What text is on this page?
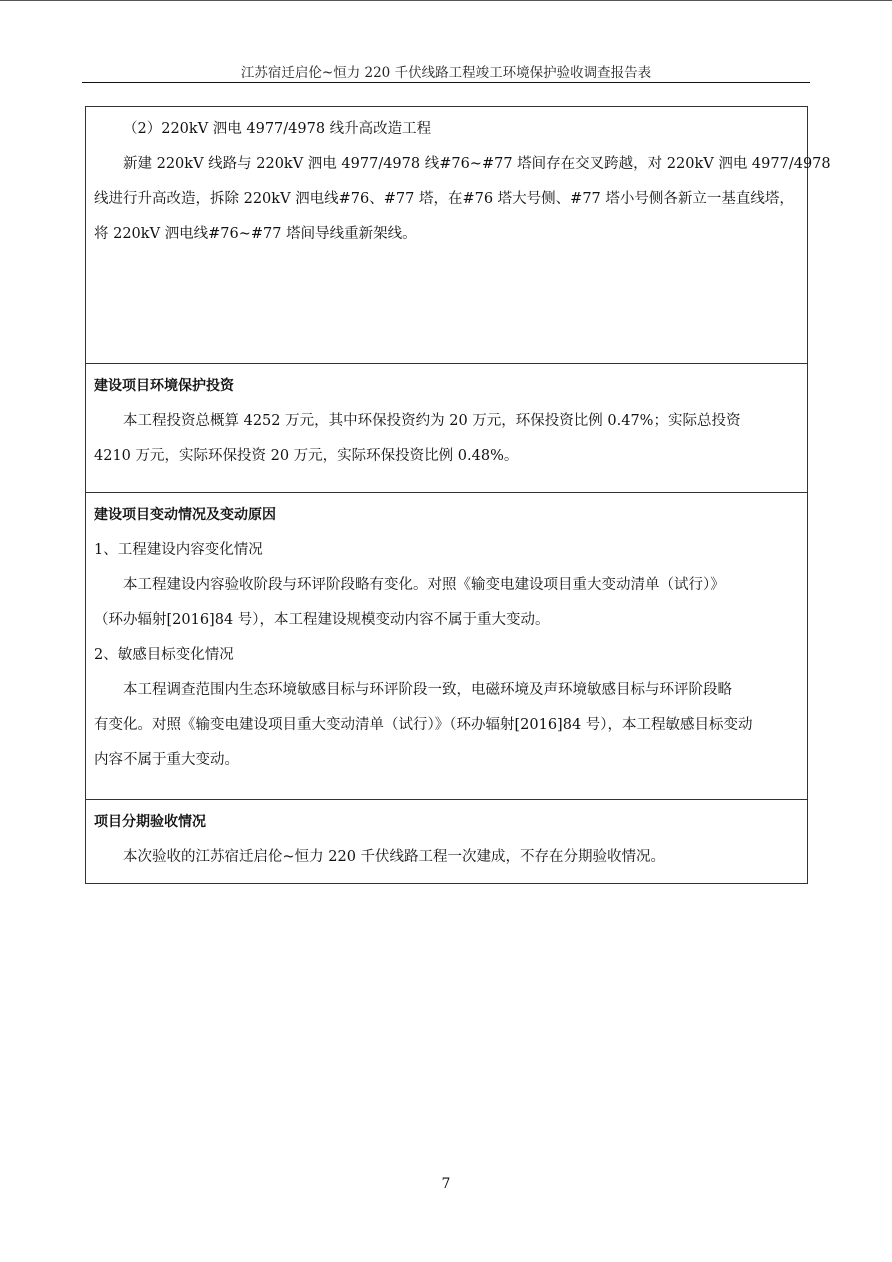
江苏宿迁启伦~恒力 220 千伏线路工程竣工环境保护验收调查报告表

（2）220kV 泗电 4977/4978 线升高改造工程

新建 220kV 线路与 220kV 泗电 4977/4978 线#76~#77 塔间存在交叉跨越，对 220kV 泗电 4977/4978
线进行升高改造，拆除 220kV 泗电线#76、#77 塔，在#76 塔大号侧、#77 塔小号侧各新立一基直线塔，
将 220kV 泗电线#76~#77 塔间导线重新架线。

建设项目环境保护投资

本工程投资总概算 4252 万元，其中环保投资约为 20 万元，环保投资比例 0.47%；实际总投资
4210 万元，实际环保投资 20 万元，实际环保投资比例 0.48%。

建设项目变动情况及变动原因

1、工程建设内容变化情况

本工程建设内容验收阶段与环评阶段略有变化。对照《输变电建设项目重大变动清单（试行）》
（环办辐射[2016]84 号），本工程建设规模变动内容不属于重大变动。

2、敏感目标变化情况

本工程调查范围内生态环境敏感目标与环评阶段一致，电磁环境及声环境敏感目标与环评阶段略
有变化。对照《输变电建设项目重大变动清单（试行）》（环办辐射[2016]84 号），本工程敏感目标变动
内容不属于重大变动。

项目分期验收情况

本次验收的江苏宿迁启伦~恒力 220 千伏线路工程一次建成，不存在分期验收情况。
7
